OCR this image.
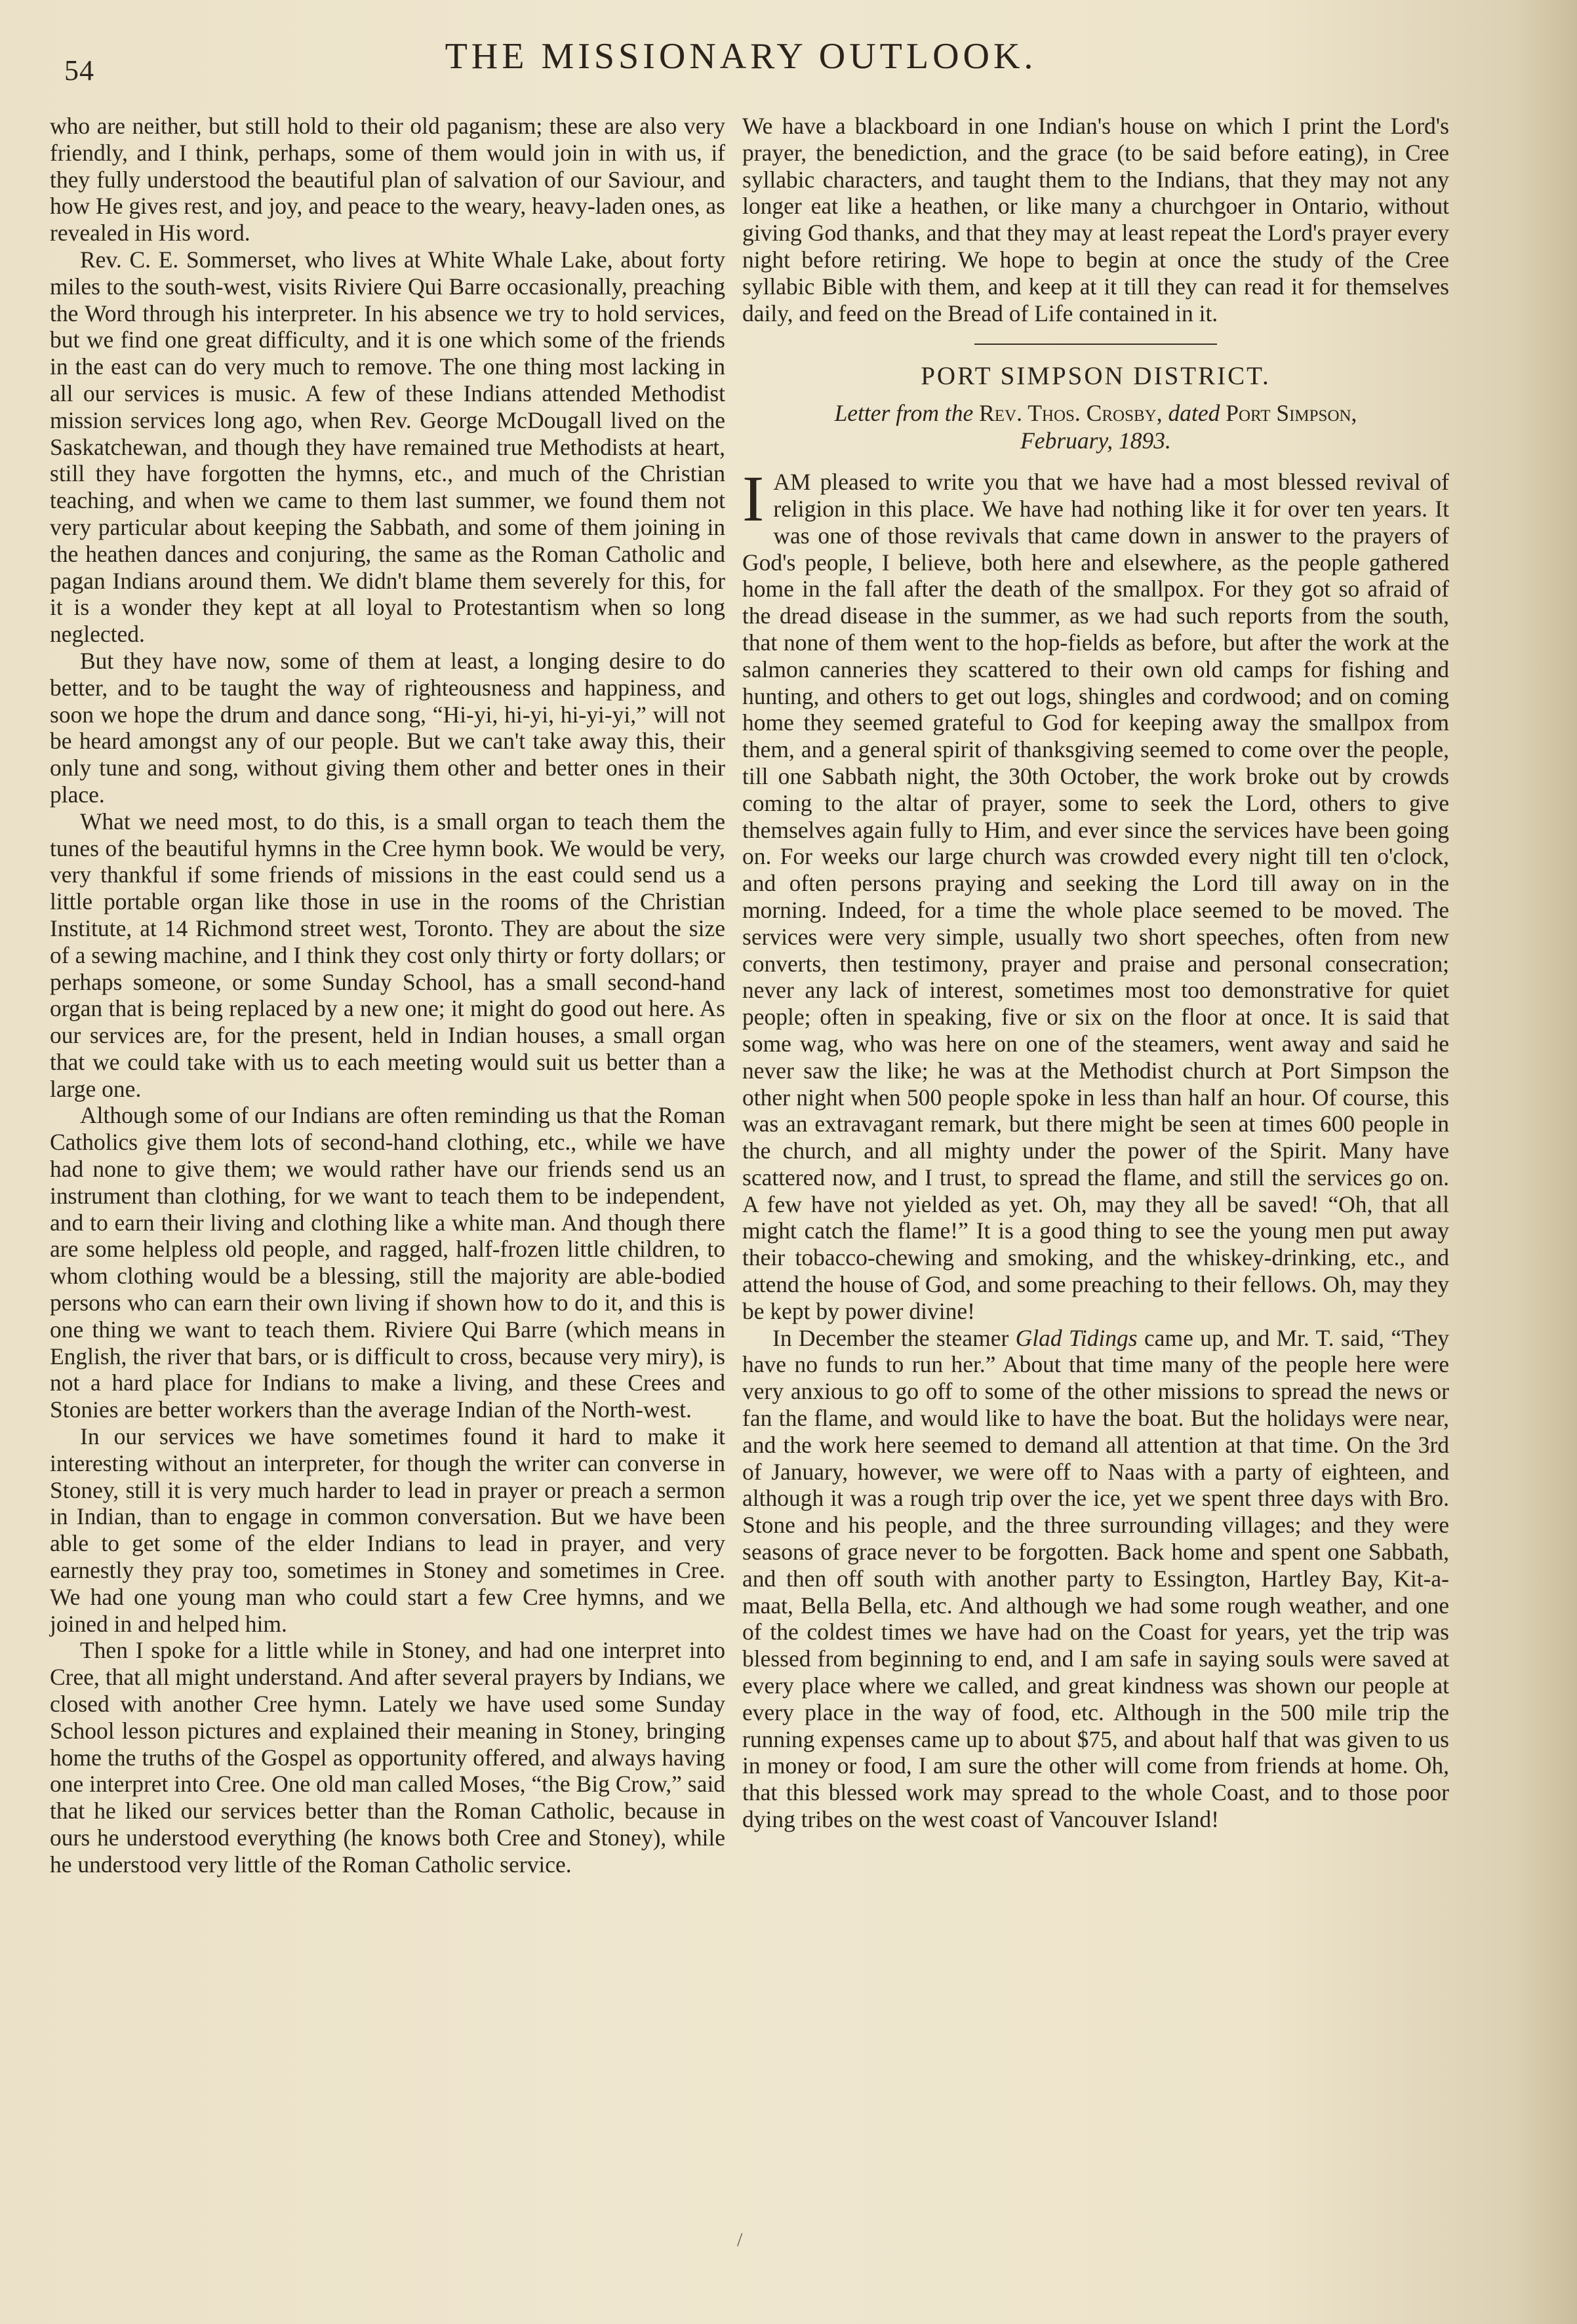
54	THE MISSIONARY OUTLOOK.

who are neither, but still hold to their old paganism; these are also very friendly, and I think, perhaps, some of them would join in with us, if they fully understood the beautiful plan of salvation of our Saviour, and how He gives rest, and joy, and peace to the weary, heavy-laden ones, as revealed in His word.

Rev. C. E. Sommerset, who lives at White Whale Lake, about forty miles to the south-west, visits Riviere Qui Barre occasionally, preaching the Word through his interpreter. In his absence we try to hold services, but we find one great difficulty, and it is one which some of the friends in the east can do very much to remove. The one thing most lacking in all our services is music. A few of these Indians attended Methodist mission services long ago, when Rev. George McDougall lived on the Saskatchewan, and though they have remained true Methodists at heart, still they have forgotten the hymns, etc., and much of the Christian teaching, and when we came to them last summer, we found them not very particular about keeping the Sabbath, and some of them joining in the heathen dances and conjuring, the same as the Roman Catholic and pagan Indians around them. We didn't blame them severely for this, for it is a wonder they kept at all loyal to Protestantism when so long neglected.

But they have now, some of them at least, a longing desire to do better, and to be taught the way of righteousness and happiness, and soon we hope the drum and dance song, “Hi-yi, hi-yi, hi-yi-yi,” will not be heard amongst any of our people. But we can't take away this, their only tune and song, without giving them other and better ones in their place.

What we need most, to do this, is a small organ to teach them the tunes of the beautiful hymns in the Cree hymn book. We would be very, very thankful if some friends of missions in the east could send us a little portable organ like those in use in the rooms of the Christian Institute, at 14 Richmond street west, Toronto. They are about the size of a sewing machine, and I think they cost only thirty or forty dollars; or perhaps someone, or some Sunday School, has a small second-hand organ that is being replaced by a new one; it might do good out here. As our services are, for the present, held in Indian houses, a small organ that we could take with us to each meeting would suit us better than a large one.

Although some of our Indians are often reminding us that the Roman Catholics give them lots of second-hand clothing, etc., while we have had none to give them; we would rather have our friends send us an instrument than clothing, for we want to teach them to be independent, and to earn their living and clothing like a white man. And though there are some helpless old people, and ragged, half-frozen little children, to whom clothing would be a blessing, still the majority are able-bodied persons who can earn their own living if shown how to do it, and this is one thing we want to teach them. Riviere Qui Barre (which means in English, the river that bars, or is difficult to cross, because very miry), is not a hard place for Indians to make a living, and these Crees and Stonies are better workers than the average Indian of the North-west.

In our services we have sometimes found it hard to make it interesting without an interpreter, for though the writer can converse in Stoney, still it is very much harder to lead in prayer or preach a sermon in Indian, than to engage in common conversation. But we have been able to get some of the elder Indians to lead in prayer, and very earnestly they pray too, sometimes in Stoney and sometimes in Cree. We had one young man who could start a few Cree hymns, and we joined in and helped him.

Then I spoke for a little while in Stoney, and had one interpret into Cree, that all might understand. And after several prayers by Indians, we closed with another Cree hymn. Lately we have used some Sunday School lesson pictures and explained their meaning in Stoney, bringing home the truths of the Gospel as opportunity offered, and always having one interpret into Cree. One old man called Moses, “the Big Crow,” said that he liked our services better than the Roman Catholic, because in ours he understood everything (he knows both Cree and Stoney), while he understood very little of the Roman Catholic service.

We have a blackboard in one Indian's house on which I print the Lord's prayer, the benediction, and the grace (to be said before eating), in Cree syllabic characters, and taught them to the Indians, that they may not any longer eat like a heathen, or like many a churchgoer in Ontario, without giving God thanks, and that they may at least repeat the Lord's prayer every night before retiring. We hope to begin at once the study of the Cree syllabic Bible with them, and keep at it till they can read it for themselves daily, and feed on the Bread of Life contained in it.

PORT SIMPSON DISTRICT.
Letter from the Rev. Thos. Crosby, dated Port Simpson,
February, 1893.

IAM pleased to write you that we have had a most blessed revival of religion in this place. We have had nothing like it for over ten years. It was one of those revivals that came down in answer to the prayers of God's people, I believe, both here and elsewhere, as the people gathered home in the fall after the death of the smallpox. For they got so afraid of the dread disease in the summer, as we had such reports from the south, that none of them went to the hop-fields as before, but after the work at the salmon canneries they scattered to their own old camps for fishing and hunting, and others to get out logs, shingles and cordwood; and on coming home they seemed grateful to God for keeping away the smallpox from them, and a general spirit of thanksgiving seemed to come over the people, till one Sabbath night, the 30th October, the work broke out by crowds coming to the altar of prayer, some to seek the Lord, others to give themselves again fully to Him, and ever since the services have been going on. For weeks our large church was crowded every night till ten o'clock, and often persons praying and seeking the Lord till away on in the morning. Indeed, for a time the whole place seemed to be moved. The services were very simple, usually two short speeches, often from new converts, then testimony, prayer and praise and personal consecration; never any lack of interest, sometimes most too demonstrative for quiet people; often in speaking, five or six on the floor at once. It is said that some wag, who was here on one of the steamers, went away and said he never saw the like; he was at the Methodist church at Port Simpson the other night when 500 people spoke in less than half an hour. Of course, this was an extravagant remark, but there might be seen at times 600 people in the church, and all mighty under the power of the Spirit. Many have scattered now, and I trust, to spread the flame, and still the services go on. A few have not yielded as yet. Oh, may they all be saved! “Oh, that all might catch the flame!” It is a good thing to see the young men put away their tobacco-chewing and smoking, and the whiskey-drinking, etc., and attend the house of God, and some preaching to their fellows. Oh, may they be kept by power divine!

In December the steamer Glad Tidings came up, and Mr. T. said, “They have no funds to run her.” About that time many of the people here were very anxious to go off to some of the other missions to spread the news or fan the flame, and would like to have the boat. But the holidays were near, and the work here seemed to demand all attention at that time. On the 3rd of January, however, we were off to Naas with a party of eighteen, and although it was a rough trip over the ice, yet we spent three days with Bro. Stone and his people, and the three surrounding villages; and they were seasons of grace never to be forgotten. Back home and spent one Sabbath, and then off south with another party to Essington, Hartley Bay, Kit-a-maat, Bella Bella, etc. And although we had some rough weather, and one of the coldest times we have had on the Coast for years, yet the trip was blessed from beginning to end, and I am safe in saying souls were saved at every place where we called, and great kindness was shown our people at every place in the way of food, etc. Although in the 500 mile trip the running expenses came up to about $75, and about half that was given to us in money or food, I am sure the other will come from friends at home. Oh, that this blessed work may spread to the whole Coast, and to those poor dying tribes on the west coast of Vancouver Island!

/
